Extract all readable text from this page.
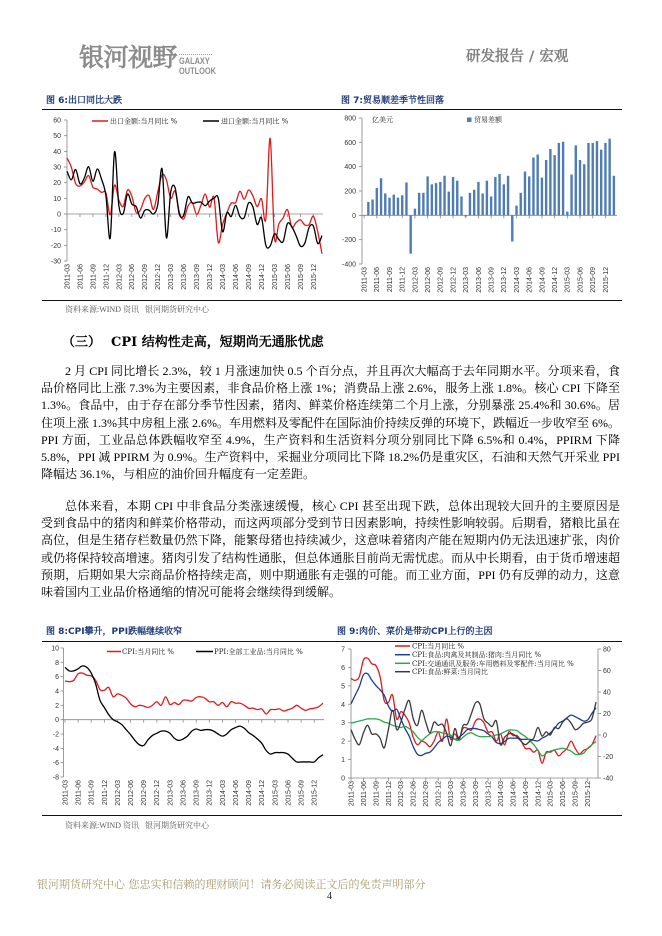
银河视野 GALAXY
OUTLOOK
研发报告 / 宏观
图 6:出口同比大跌	图 7:贸易顺差季节性回落
-30
-20
-10
0
10
20
30
40
50
60
2011-03 2011-06 2011-09 2011-12 2012-03 2012-06 2012-09 2012-12 2013-03 2013-06 2013-09 2013-12 2014-03 2014-06 2014-09 2014-12 2015-03 2015-06 2015-09 2015-12
出口金额:当月同比 %	进口金额:当月同比 %
-400
-200
0
200
400
600
800
2011-03 2011-06 2011-09 2011-12 2012-03 2012-06 2012-09 2012-12 2013-03 2013-06 2013-09 2013-12 2014-03 2014-06 2014-09 2014-12 2015-03 2015-06 2015-09 2015-12
贸易差额
亿美元
资料来源:WIND 资讯   银河期货研究中心
（三） CPI 结构性走高，短期尚无通胀忧虑
2 月 CPI 同比增长 2.3%，较 1 月涨速加快 0.5 个百分点，并且再次大幅高于去年同期水平。分项来看，食
品价格同比上涨 7.3%为主要因素，非食品价格上涨 1%；消费品上涨 2.6%，服务上涨 1.8%。核心 CPI 下降至
1.3%。食品中，由于存在部分季节性因素，猪肉、鲜菜价格连续第二个月上涨，分别暴涨 25.4%和 30.6%。居
住项上涨 1.3%其中房租上涨 2.6%。车用燃料及零配件在国际油价持续反弹的环境下，跌幅近一步收窄至 6%。
PPI 方面，工业品总体跌幅收窄至 4.9%，生产资料和生活资料分项分别同比下降 6.5%和 0.4%，PPIRM 下降
5.8%，PPI 减 PPIRM 为 0.9%。生产资料中，采掘业分项同比下降 18.2%仍是重灾区，石油和天然气开采业 PPI
降幅达 36.1%，与相应的油价回升幅度有一定差距。
总体来看，本期 CPI 中非食品分类涨速缓慢，核心 CPI 甚至出现下跌，总体出现较大回升的主要原因是
受到食品中的猪肉和鲜菜价格带动，而这两项部分受到节日因素影响，持续性影响较弱。后期看，猪粮比虽在
高位，但是生猪存栏数量仍然下降，能繁母猪也持续减少，这意味着猪肉产能在短期内仍无法迅速扩张，肉价
或仍将保持较高增速。猪肉引发了结构性通胀，但总体通胀目前尚无需忧虑。而从中长期看，由于货币增速超
预期，后期如果大宗商品价格持续走高，则中期通胀有走强的可能。而工业方面，PPI 仍有反弹的动力，这意
味着国内工业品价格通缩的情况可能将会继续得到缓解。
图 8:CPI攀升，PPI跌幅继续收窄	图 9:肉价、菜价是带动CPI上行的主因
-8
-6
-4
-2
0
2
4
6
8
10
2011-03 2011-06 2011-09 2011-12 2012-03 2012-06 2012-09 2012-12 2013-03 2013-06 2013-09 2013-12 2014-03 2014-06 2014-09 2014-12 2015-03 2015-06 2015-09 2015-12
CPI:当月同比 %	PPI:全部工业品:当月同比 %
0
1
2
3
4
5
6
7
-40
-20
0
20
40
60
80
2011-03 2011-06 2011-09 2011-12 2012-03 2012-06 2012-09 2012-12 2013-03 2013-06 2013-09 2013-12 2014-03 2014-06 2014-09 2014-12 2015-03 2015-06 2015-09 2015-12
CPI:当月同比 %
CPI:食品:肉禽及其制品:猪肉:当月同比 %
CPI:交通通讯及服务:车用燃料及零配件:当月同比 %
CPI:食品:鲜菜:当月同比
资料来源:WIND 资讯   银河期货研究中心
银河期货研究中心 您忠实和信赖的理财顾问！请务必阅读正文后的免责声明部分
4
